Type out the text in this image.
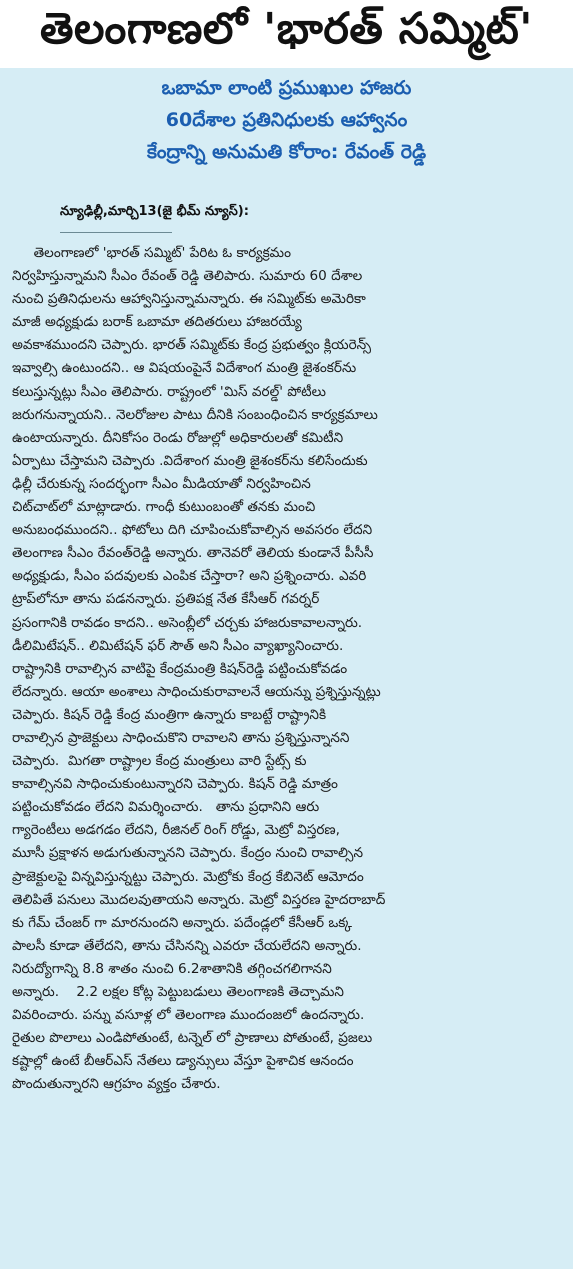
తెలంగాణలో 'భారత్‌ సమ్మిట్‌'
ఒబామా లాంటి ప్రముఖుల హాజరు
60దేశాల ప్రతినిధులకు ఆహ్వానం
కేంద్రాన్ని అనుమతి కోరాం: రేవంత్‌ రెడ్డి
న్యూఢిల్లీ,మార్చి13(జై భీమ్‌ న్యూస్‌):
తెలంగాణలో 'భారత్‌ సమ్మిట్‌' పేరిట ఓ కార్యక్రమం
నిర్వహిస్తున్నామని సీఎం రేవంత్‌ రెడ్డి తెలిపారు. సుమారు 60 దేశాల
నుంచి ప్రతినిధులను ఆహ్వానిస్తున్నామన్నారు. ఈ సమ్మిట్‌కు అమెరికా
మాజీ అధ్యక్షుడు బరాక్‌ ఒబామా తదితరులు హాజరయ్యే
అవకాశముందని చెప్పారు. భారత్‌ సమ్మిట్‌కు కేంద్ర ప్రభుత్వం క్లియరెన్స్‌
ఇవ్వాల్సి ఉంటుందని.. ఆ విషయంపైనే విదేశాంగ మంత్రి జైశంకర్‌ను
కలుస్తున్నట్లు సీఎం తెలిపారు. రాష్ట్రంలో 'మిస్‌ వరల్డ్‌' పోటీలు
జరుగనున్నాయని.. నెలరోజుల పాటు దీనికి సంబంధించిన కార్యక్రమాలు
ఉంటాయన్నారు. దీనికోసం రెండు రోజుల్లో అధికారులతో కమిటీని
ఏర్పాటు చేస్తామని చెప్పారు .విదేశాంగ మంత్రి జైశంకర్‌ను కలిసేందుకు
ఢిల్లీ చేరుకున్న సందర్భంగా సీఎం మీడియాతో నిర్వహించిన
చిట్‌చాట్‌లో మాట్లాడారు. గాంధీ కుటుంబంతో తనకు మంచి
అనుబంధముందని.. ఫోటోలు దిగి చూపించుకోవాల్సిన అవసరం లేదని
తెలంగాణ సీఎం రేవంత్‌రెడ్డి అన్నారు. తానెవరో తెలియ కుండానే పీసీసీ
అధ్యక్షుడు, సీఎం పదవులకు ఎంపిక చేస్తారా? అని ప్రశ్నించారు. ఎవరి
ట్రాప్‌లోనూ తాను పడనన్నారు. ప్రతిపక్ష నేత కేసీఆర్‌ గవర్నర్‌
ప్రసంగానికి రావడం కాదని.. అసెంబ్లీలో చర్చకు హాజరుకావాలన్నారు.
డీలిమిటేషన్‌.. లిమిటేషన్‌ ఫర్‌ సౌత్‌ అని సీఎం వ్యాఖ్యానించారు.
రాష్ట్రానికి రావాల్సిన వాటిపై కేంద్రమంత్రి కిషన్‌రెడ్డి పట్టించుకోవడం
లేదన్నారు. ఆయా అంశాలు సాధించుకురావాలనే ఆయన్ను ప్రశ్నిస్తున్నట్లు
చెప్పారు. కిషన్‌ రెడ్డి కేంద్ర మంత్రిగా ఉన్నారు కాబట్టే రాష్ట్రానికి
రావాల్సిన ప్రాజెక్టులు సాధించుకొని రావాలని తాను ప్రశ్నిస్తున్నానని
చెప్పారు.  మిగతా రాష్ట్రాల కేంద్ర మంత్రులు వారి స్టేట్స్‌ కు
కావాల్సినవి సాధించుకుంటున్నారని చెప్పారు. కిషన్‌ రెడ్డి మాత్రం
పట్టించుకోవడం లేదని విమర్శించారు.   తాను ప్రధానిని ఆరు
గ్యారెంటీలు అడగడం లేదని, రీజినల్‌ రింగ్‌ రోడ్డు, మెట్రో విస్తరణ,
మూసీ ప్రక్షాళన అడుగుతున్నానని చెప్పారు. కేంద్రం నుంచి రావాల్సిన
ప్రాజెక్టులపై విన్నవిస్తున్నట్టు చెప్పారు. మెట్రోకు కేంద్ర కేబినెట్‌ ఆమోదం
తెలిపితే పనులు మొదలవుతాయని అన్నారు. మెట్రో విస్తరణ హైదరాబాద్‌
కు గేమ్‌ చేంజర్‌ గా మారనుందని అన్నారు. పదేండ్లలో కేసీఆర్‌ ఒక్క
పాలసీ కూడా తేలేదని, తాను చేసినన్ని ఎవరూ చేయలేదని అన్నారు.
నిరుద్యోగాన్ని 8.8 శాతం నుంచి 6.2శాతానికి తగ్గించగలిగానని
అన్నారు.    2.2 లక్షల కోట్ల పెట్టుబడులు తెలంగాణకి తెచ్చామని
వివరించారు. పన్ను వసూళ్ల లో తెలంగాణ ముందంజలో ఉందన్నారు.
రైతుల పొలాలు ఎండిపోతుంటే, టన్నెల్‌ లో ప్రాణాలు పోతుంటే, ప్రజలు
కష్టాల్లో ఉంటే బీఆర్‌ఎస్‌ నేతలు డ్యాన్సులు వేస్తూ పైశాచిక ఆనందం
పొందుతున్నారని ఆగ్రహం వ్యక్తం చేశారు.
